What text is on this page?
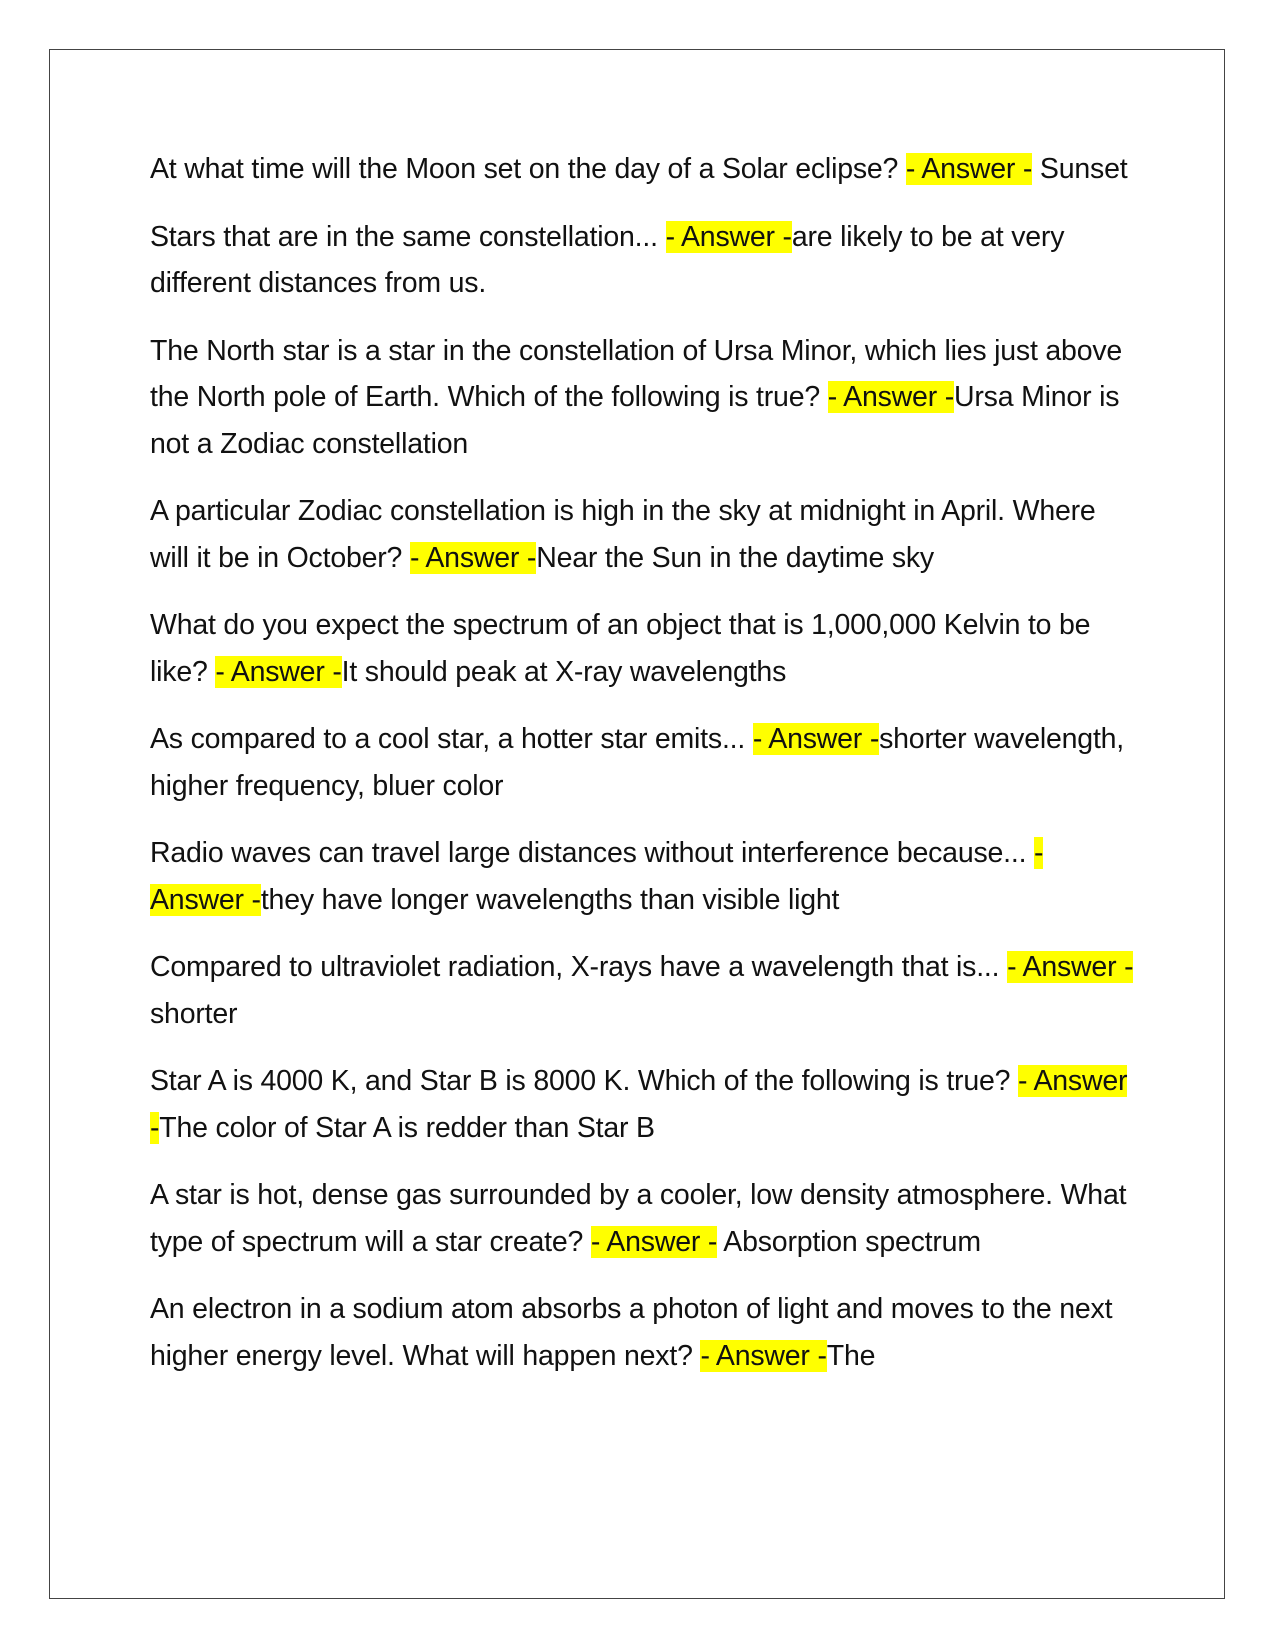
At what time will the Moon set on the day of a Solar eclipse? - Answer - Sunset

Stars that are in the same constellation... - Answer -are likely to be at very different distances from us.

The North star is a star in the constellation of Ursa Minor, which lies just above the North pole of Earth. Which of the following is true? - Answer -Ursa Minor is not a Zodiac constellation

A particular Zodiac constellation is high in the sky at midnight in April. Where will it be in October? - Answer -Near the Sun in the daytime sky

What do you expect the spectrum of an object that is 1,000,000 Kelvin to be like? - Answer -It should peak at X-ray wavelengths

As compared to a cool star, a hotter star emits... - Answer -shorter wavelength, higher frequency, bluer color

Radio waves can travel large distances without interference because... - Answer -they have longer wavelengths than visible light

Compared to ultraviolet radiation, X-rays have a wavelength that is... - Answer -shorter

Star A is 4000 K, and Star B is 8000 K. Which of the following is true? - Answer -The color of Star A is redder than Star B

A star is hot, dense gas surrounded by a cooler, low density atmosphere. What type of spectrum will a star create? - Answer - Absorption spectrum

An electron in a sodium atom absorbs a photon of light and moves to the next higher energy level. What will happen next? - Answer -The
